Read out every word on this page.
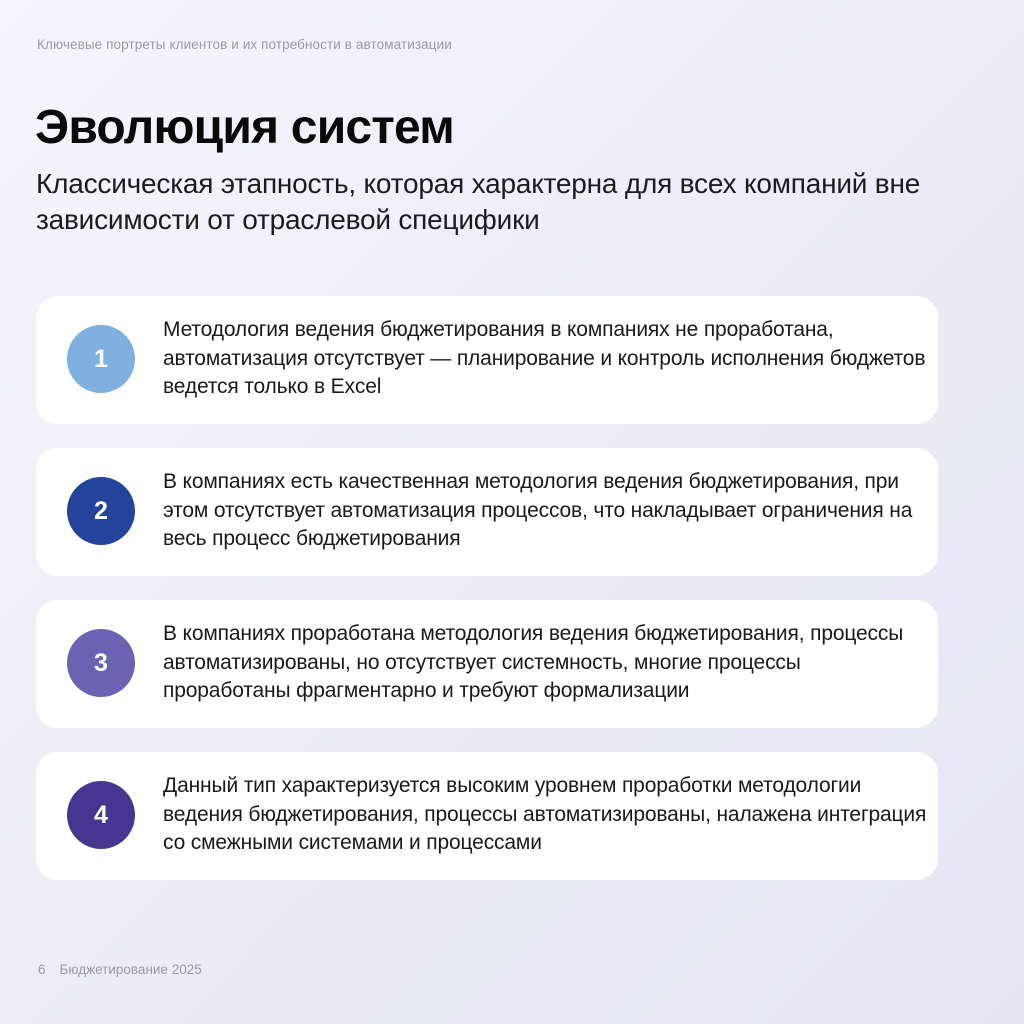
Ключевые портреты клиентов и их потребности в автоматизации
Эволюция систем

Классическая этапность, которая характерна для всех компаний вне зависимости от отраслевой специфики

1

Методология ведения бюджетирования в компаниях не проработана, автоматизация отсутствует — планирование и контроль исполнения бюджетов ведется только в Excel

2

В компаниях есть качественная методология ведения бюджетирования, при этом отсутствует автоматизация процессов, что накладывает ограничения на весь процесс бюджетирования

3

В компаниях проработана методология ведения бюджетирования, процессы автоматизированы, но отсутствует системность, многие процессы проработаны фрагментарно и требуют формализации

4

Данный тип характеризуется высоким уровнем проработки методологии ведения бюджетирования, процессы автоматизированы, налажена интеграция со смежными системами и процессами

6 Бюджетирование 2025
